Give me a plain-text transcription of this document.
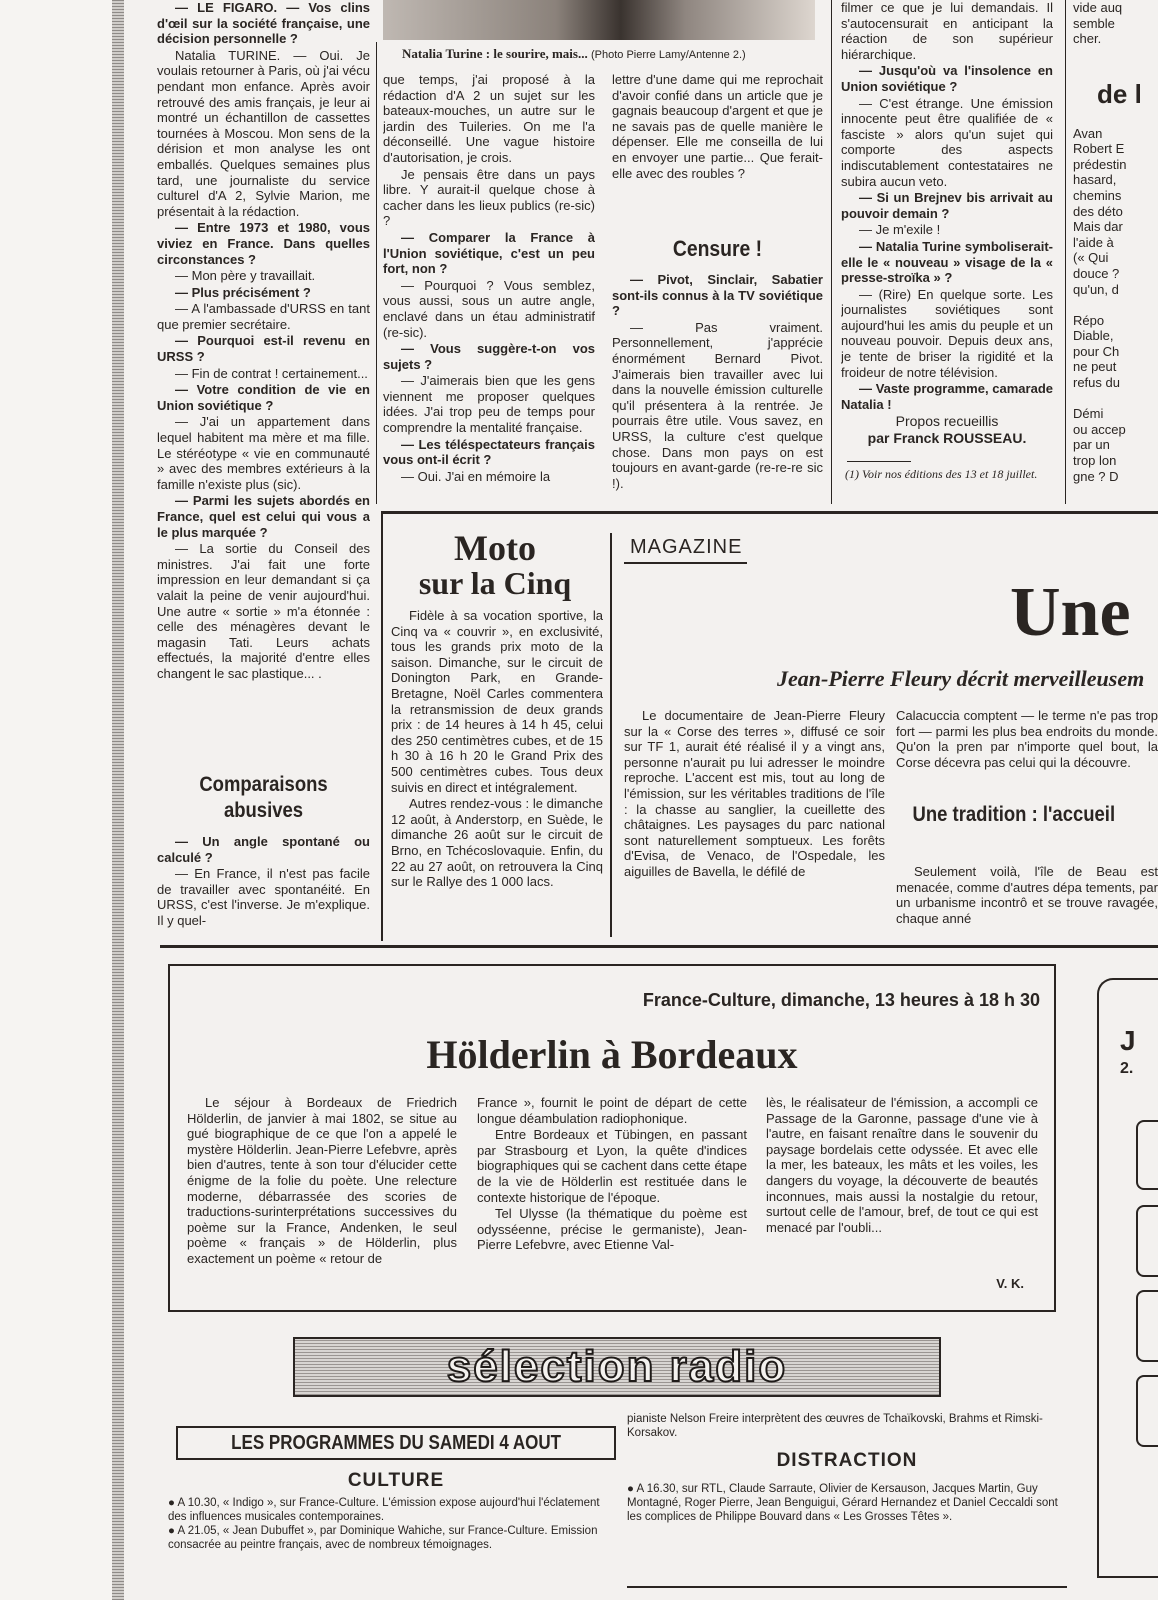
Natalia Turine : le sourire, mais... (Photo Pierre Lamy/Antenne 2.)

— LE FIGARO. — Vos clins d'œil sur la société française, une décision personnelle ?

Natalia TURINE. — Oui. Je voulais retourner à Paris, où j'ai vécu pendant mon enfance. Après avoir retrouvé des amis français, je leur ai montré un échantillon de cassettes tournées à Moscou. Mon sens de la dérision et mon analyse les ont emballés. Quelques semaines plus tard, une journaliste du service culturel d'A 2, Sylvie Marion, me présentait à la rédaction.

— Entre 1973 et 1980, vous viviez en France. Dans quelles circonstances ?

— Mon père y travaillait.

— Plus précisément ?

— A l'ambassade d'URSS en tant que premier secrétaire.

— Pourquoi est-il revenu en URSS ?

— Fin de contrat ! certainement...

— Votre condition de vie en Union soviétique ?

— J'ai un appartement dans lequel habitent ma mère et ma fille. Le stéréotype « vie en communauté » avec des membres extérieurs à la famille n'existe plus (sic).

— Parmi les sujets abordés en France, quel est celui qui vous a le plus marquée ?

— La sortie du Conseil des ministres. J'ai fait une forte impression en leur demandant si ça valait la peine de venir aujourd'hui. Une autre « sortie » m'a étonnée : celle des ménagères devant le magasin Tati. Leurs achats effectués, la majorité d'entre elles changent le sac plastique... .

Comparaisons abusives

— Un angle spontané ou calculé ?

— En France, il n'est pas facile de travailler avec spontanéité. En URSS, c'est l'inverse. Je m'explique. Il y quel-

que temps, j'ai proposé à la rédaction d'A 2 un sujet sur les bateaux-mouches, un autre sur le jardin des Tuileries. On me l'a déconseillé. Une vague histoire d'autorisation, je crois.

Je pensais être dans un pays libre. Y aurait-il quelque chose à cacher dans les lieux publics (re-sic) ?

— Comparer la France à l'Union soviétique, c'est un peu fort, non ?

— Pourquoi ? Vous semblez, vous aussi, sous un autre angle, enclavé dans un étau administratif (re-sic).

— Vous suggère-t-on vos sujets ?

— J'aimerais bien que les gens viennent me proposer quelques idées. J'ai trop peu de temps pour comprendre la mentalité française.

— Les téléspectateurs français vous ont-il écrit ?

— Oui. J'ai en mémoire la

lettre d'une dame qui me reprochait d'avoir confié dans un article que je gagnais beaucoup d'argent et que je ne savais pas de quelle manière le dépenser. Elle me conseilla de lui en envoyer une partie... Que ferait-elle avec des roubles ?

Censure !

— Pivot, Sinclair, Sabatier sont-ils connus à la TV soviétique ?

— Pas vraiment. Personnellement, j'apprécie énormément Bernard Pivot. J'aimerais bien travailler avec lui dans la nouvelle émission culturelle qu'il présentera à la rentrée. Je pourrais être utile. Vous savez, en URSS, la culture c'est quelque chose. Dans mon pays on est toujours en avant-garde (re-re-re sic !).

filmer ce que je lui demandais. Il s'autocensurait en anticipant la réaction de son supérieur hiérarchique.

— Jusqu'où va l'insolence en Union soviétique ?

— C'est étrange. Une émission innocente peut être qualifiée de « fasciste » alors qu'un sujet qui comporte des aspects indiscutablement contestataires ne subira aucun veto.

— Si un Brejnev bis arrivait au pouvoir demain ?

— Je m'exile !

— Natalia Turine symboliserait-elle le « nouveau » visage de la « presse-stroïka » ?

— (Rire) En quelque sorte. Les journalistes soviétiques sont aujourd'hui les amis du peuple et un nouveau pouvoir. Depuis deux ans, je tente de briser la rigidité et la froideur de notre télévision.

— Vaste programme, camarade Natalia !

Propos recueillis
par Franck ROUSSEAU.
(1) Voir nos éditions des 13 et 18 juillet.
vide auq
semble
cher.

de l

Avan
Robert E
prédestin
hasard,
chemins
des déto
Mais dar
l'aide à
(« Qui
douce ?
qu'un, d

Répo
Diable,
pour Ch
ne peut
refus du

Démi
ou accep
par un
trop lon
gne ? D
Moto
sur la Cinq

Fidèle à sa vocation sportive, la Cinq va « couvrir », en exclusivité, tous les grands prix moto de la saison. Dimanche, sur le circuit de Donington Park, en Grande-Bretagne, Noël Carles commentera la retransmission de deux grands prix : de 14 heures à 14 h 45, celui des 250 centimètres cubes, et de 15 h 30 à 16 h 20 le Grand Prix des 500 centimètres cubes. Tous deux suivis en direct et intégralement.

Autres rendez-vous : le dimanche 12 août, à Anderstorp, en Suède, le dimanche 26 août sur le circuit de Brno, en Tchécoslovaquie. Enfin, du 22 au 27 août, on retrouvera la Cinq sur le Rallye des 1 000 lacs.

MAGAZINE
Une
Jean-Pierre Fleury décrit merveilleusem

Le documentaire de Jean-Pierre Fleury sur la « Corse des terres », diffusé ce soir sur TF 1, aurait été réalisé il y a vingt ans, personne n'aurait pu lui adresser le moindre reproche. L'accent est mis, tout au long de l'émission, sur les véritables traditions de l'île : la chasse au sanglier, la cueillette des châtaignes. Les paysages du parc national sont naturellement somptueux. Les forêts d'Evisa, de Venaco, de l'Ospedale, les aiguilles de Bavella, le défilé de

Calacuccia comptent — le terme n'e pas trop fort — parmi les plus bea endroits du monde. Qu'on la pren par n'importe quel bout, la Corse décevra pas celui qui la découvre.

Une tradition : l'accueil

Seulement voilà, l'île de Beau est menacée, comme d'autres dépa tements, par un urbanisme incontrô et se trouve ravagée, chaque anné

France-Culture, dimanche, 13 heures à 18 h 30
Hölderlin à Bordeaux

Le séjour à Bordeaux de Friedrich Hölderlin, de janvier à mai 1802, se situe au gué biographique de ce que l'on a appelé le mystère Hölderlin. Jean-Pierre Lefebvre, après bien d'autres, tente à son tour d'élucider cette énigme de la folie du poète. Une relecture moderne, débarrassée des scories de traductions-surinterprétations successives du poème sur la France, Andenken, le seul poème « français » de Hölderlin, plus exactement un poème « retour de

France », fournit le point de départ de cette longue déambulation radiophonique.

Entre Bordeaux et Tübingen, en passant par Strasbourg et Lyon, la quête d'indices biographiques qui se cachent dans cette étape de la vie de Hölderlin est restituée dans le contexte historique de l'époque.

Tel Ulysse (la thématique du poème est odysséenne, précise le germaniste), Jean-Pierre Lefebvre, avec Etienne Val-

lès, le réalisateur de l'émission, a accompli ce Passage de la Garonne, passage d'une vie à l'autre, en faisant renaître dans le souvenir du paysage bordelais cette odyssée. Et avec elle la mer, les bateaux, les mâts et les voiles, les dangers du voyage, la découverte de beautés inconnues, mais aussi la nostalgie du retour, surtout celle de l'amour, bref, de tout ce qui est menacé par l'oubli...

V. K.
J
2.
sélection radio
LES PROGRAMMES DU SAMEDI 4 AOUT
CULTURE
● A 10.30, « Indigo », sur France-Culture. L'émission expose aujourd'hui l'éclatement des influences musicales contemporaines.
● A 21.05, « Jean Dubuffet », par Dominique Wahiche, sur France-Culture. Emission consacrée au peintre français, avec de nombreux témoignages.
pianiste Nelson Freire interprètent des œuvres de Tchaïkovski, Brahms et Rimski-Korsakov.
DISTRACTION
● A 16.30, sur RTL, Claude Sarraute, Olivier de Kersauson, Jacques Martin, Guy Montagné, Roger Pierre, Jean Benguigui, Gérard Hernandez et Daniel Ceccaldi sont les complices de Philippe Bouvard dans « Les Grosses Têtes ».
